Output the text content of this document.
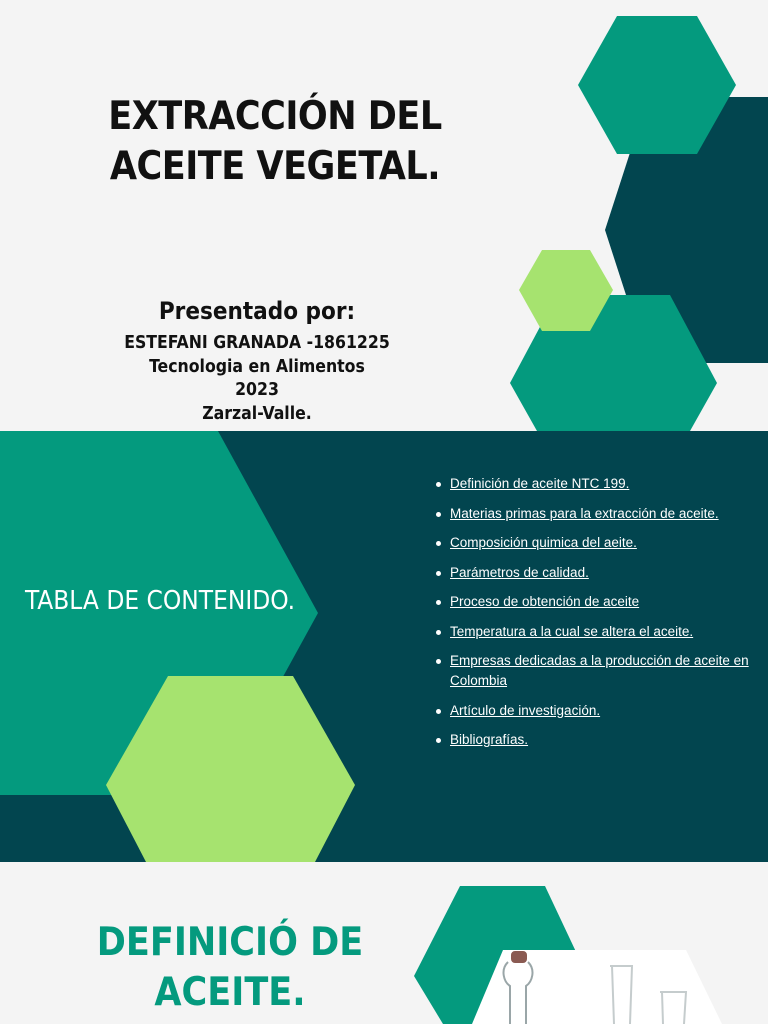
EXTRACCIÓN DEL
ACEITE VEGETAL.
Presentado por:
ESTEFANI GRANADA -1861225
Tecnologia en Alimentos
2023
Zarzal-Valle.
TABLA DE CONTENIDO.
Definición de aceite NTC 199.
Materias primas para la extracción de aceite.
Composición quimica del aeite.
Parámetros de calidad.
Proceso de obtención de aceite
Temperatura a la cual se altera el aceite.
Empresas dedicadas a la producción de aceite en Colombia
Artículo de investigación.
Bibliografías.
DEFINICIÓ DE
ACEITE.
